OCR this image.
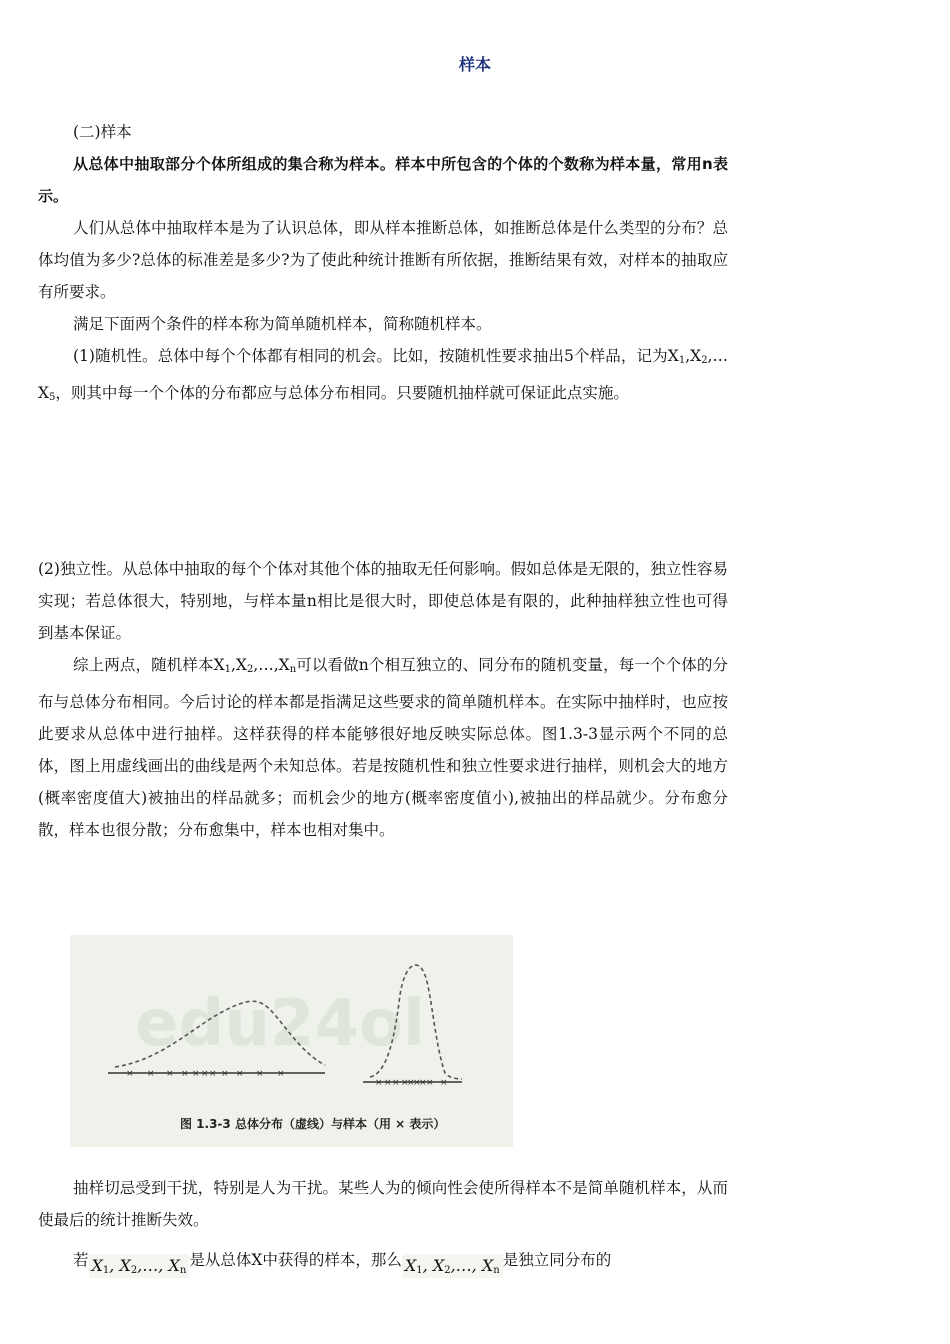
样本

(二)样本

从总体中抽取部分个体所组成的集合称为样本。样本中所包含的个体的个数称为样本量，常用n表示。

人们从总体中抽取样本是为了认识总体，即从样本推断总体，如推断总体是什么类型的分布？总体均值为多少?总体的标准差是多少?为了使此种统计推断有所依据，推断结果有效，对样本的抽取应有所要求。

满足下面两个条件的样本称为简单随机样本，简称随机样本。

(1)随机性。总体中每个个体都有相同的机会。比如，按随机性要求抽出5个样品，记为$X_1,X_2,\dots X_5$，则其中每一个个体的分布都应与总体分布相同。只要随机抽样就可保证此点实施。

(2)独立性。从总体中抽取的每个个体对其他个体的抽取无任何影响。假如总体是无限的，独立性容易实现；若总体很大，特别地，与样本量n相比是很大时，即使总体是有限的，此种抽样独立性也可得到基本保证。

综上两点，随机样本$X_1,X_2,\dots,X_n$可以看做n个相互独立的、同分布的随机变量，每一个个体的分布与总体分布相同。今后讨论的样本都是指满足这些要求的简单随机样本。在实际中抽样时，也应按此要求从总体中进行抽样。这样获得的样本能够很好地反映实际总体。图1.3-3显示两个不同的总体，图上用虚线画出的曲线是两个未知总体。若是按随机性和独立性要求进行抽样，则机会大的地方 (概率密度值大)被抽出的样品就多；而机会少的地方(概率密度值小),被抽出的样品就少。分布愈分散，样本也很分散；分布愈集中，样本也相对集中。

edu24ol
× × × × × × × × × × ×
× × × ×
×
×
× × ×
图 1.3-3 总体分布（虚线）与样本（用 × 表示）

抽样切忌受到干扰，特别是人为干扰。某些人为的倾向性会使所得样本不是简单随机样本，从而使最后的统计推断失效。

若 $X_1$, $X_2,\dots$, $X_n$是从总体X中获得的样本，那么 $X_1$, $X_2,\dots$, $X_n$是独立同分布的
